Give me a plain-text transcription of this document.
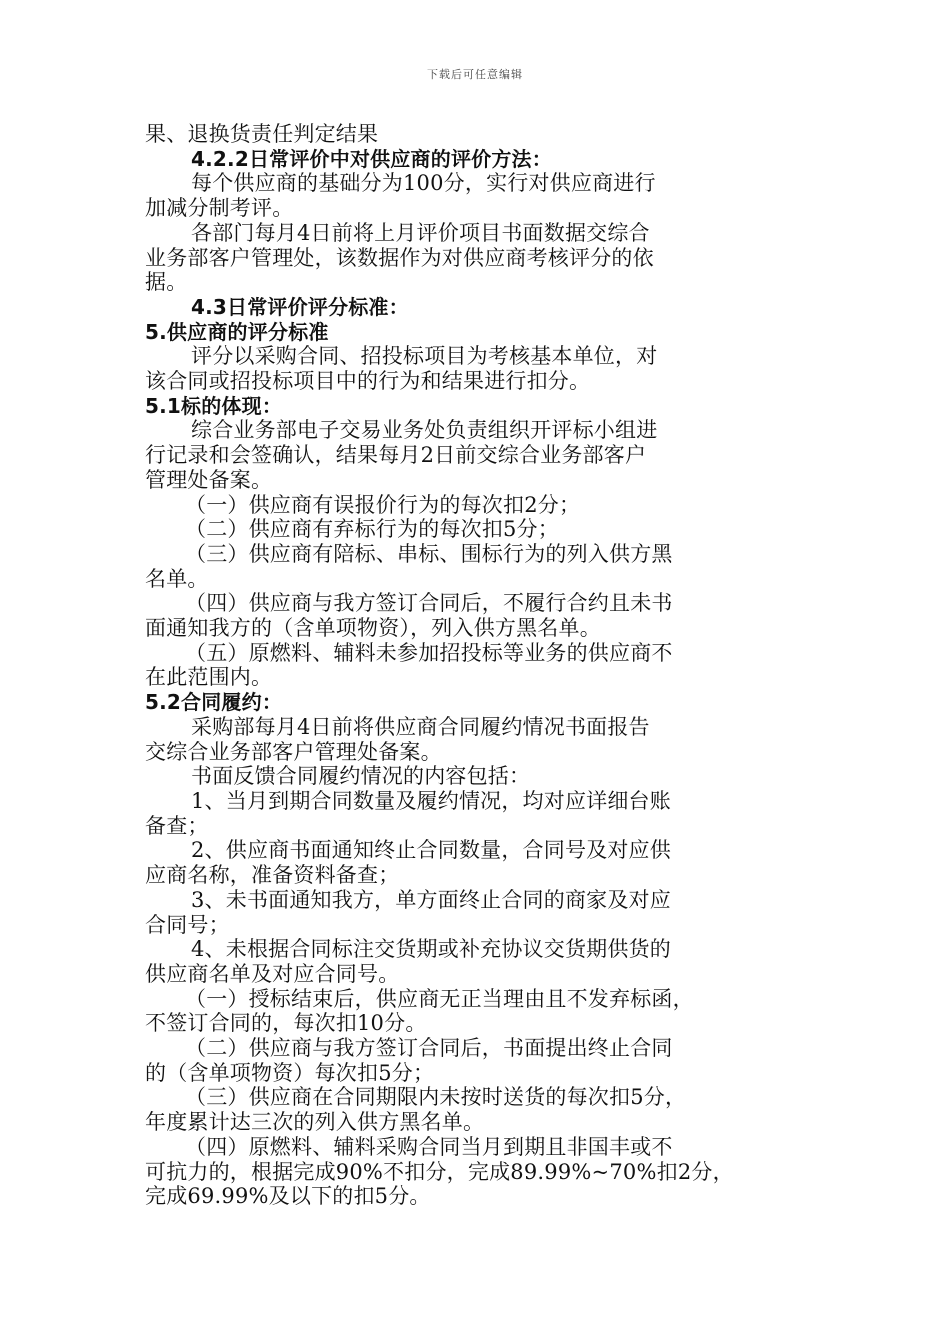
下载后可任意编辑

果、退换货责任判定结果

4.2.2日常评价中对供应商的评价方法：

每个供应商的基础分为100分，实行对供应商进行

加减分制考评。

各部门每月4日前将上月评价项目书面数据交综合

业务部客户管理处，该数据作为对供应商考核评分的依

据。

4.3日常评价评分标准：

5.供应商的评分标准

评分以采购合同、招投标项目为考核基本单位，对

该合同或招投标项目中的行为和结果进行扣分。

5.1标的体现：

综合业务部电子交易业务处负责组织开评标小组进

行记录和会签确认，结果每月2日前交综合业务部客户

管理处备案。

（一）供应商有误报价行为的每次扣2分；

（二）供应商有弃标行为的每次扣5分；

（三）供应商有陪标、串标、围标行为的列入供方黑

名单。

（四）供应商与我方签订合同后，不履行合约且未书

面通知我方的（含单项物资），列入供方黑名单。

（五）原燃料、辅料未参加招投标等业务的供应商不

在此范围内。

5.2合同履约：

采购部每月4日前将供应商合同履约情况书面报告

交综合业务部客户管理处备案。

书面反馈合同履约情况的内容包括：

1、当月到期合同数量及履约情况，均对应详细台账

备查；

2、供应商书面通知终止合同数量，合同号及对应供

应商名称，准备资料备查；

3、未书面通知我方，单方面终止合同的商家及对应

合同号；

4、未根据合同标注交货期或补充协议交货期供货的

供应商名单及对应合同号。

（一）授标结束后，供应商无正当理由且不发弃标函，

不签订合同的，每次扣10分。

（二）供应商与我方签订合同后，书面提出终止合同

的（含单项物资）每次扣5分；

（三）供应商在合同期限内未按时送货的每次扣5分，

年度累计达三次的列入供方黑名单。

（四）原燃料、辅料采购合同当月到期且非国丰或不

可抗力的，根据完成90%不扣分，完成89.99%~70%扣2分，

完成69.99%及以下的扣5分。
